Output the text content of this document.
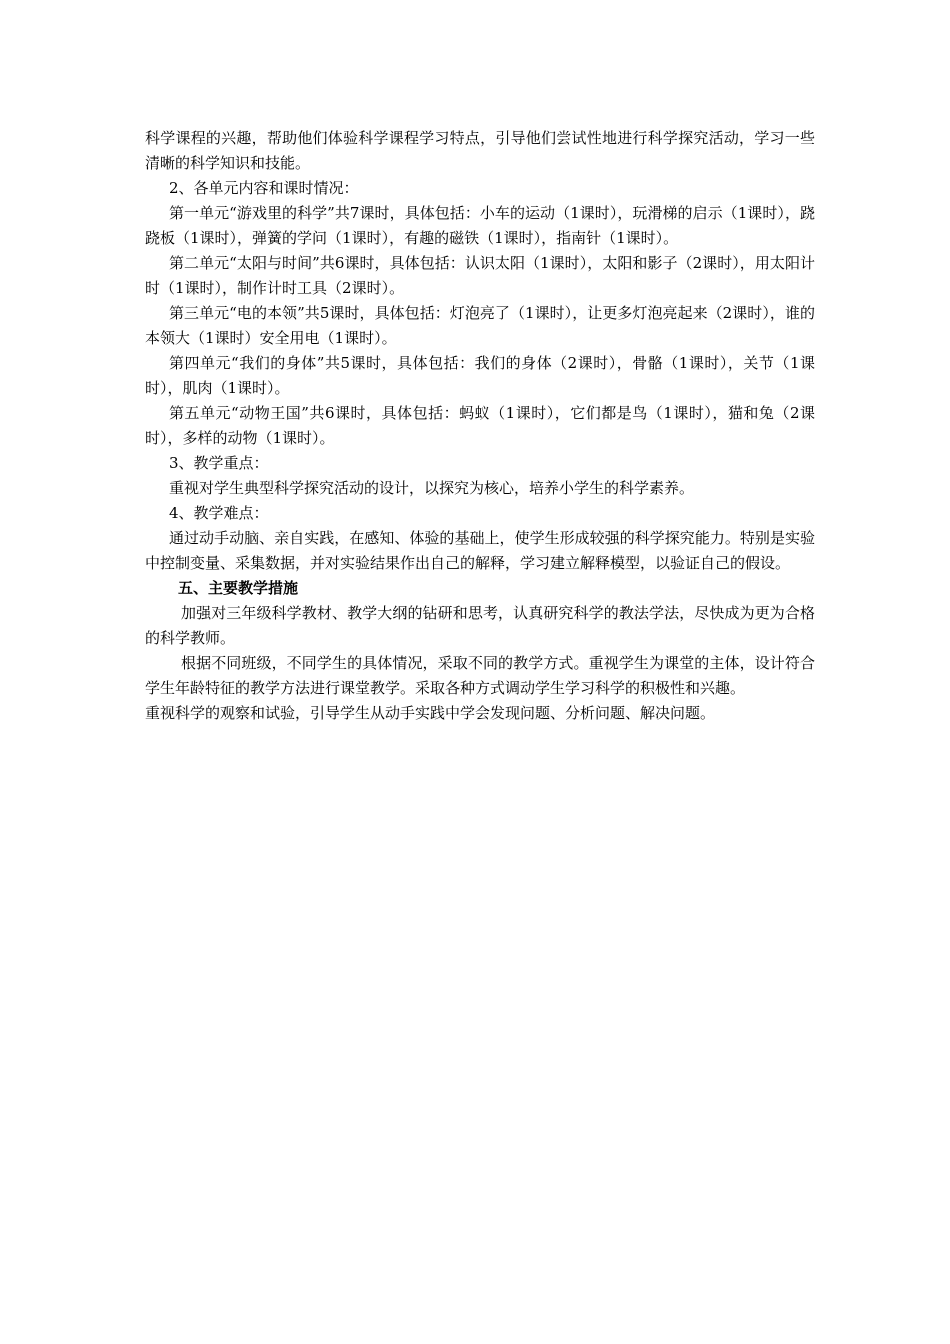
科学课程的兴趣，帮助他们体验科学课程学习特点，引导他们尝试性地进行科学探究活动，学习一些清晰的科学知识和技能。

2、各单元内容和课时情况：

第一单元“游戏里的科学”共7课时，具体包括：小车的运动（1课时），玩滑梯的启示（1课时），跷跷板（1课时），弹簧的学问（1课时），有趣的磁铁（1课时），指南针（1课时）。

第二单元“太阳与时间”共6课时，具体包括：认识太阳（1课时），太阳和影子（2课时），用太阳计时（1课时），制作计时工具（2课时）。

第三单元“电的本领”共5课时，具体包括：灯泡亮了（1课时），让更多灯泡亮起来（2课时），谁的本领大（1课时）安全用电（1课时）。

第四单元“我们的身体”共5课时，具体包括：我们的身体（2课时），骨骼（1课时），关节（1课时），肌肉（1课时）。

第五单元“动物王国”共6课时，具体包括：蚂蚁（1课时），它们都是鸟（1课时），猫和兔（2课时），多样的动物（1课时）。

3、教学重点：

重视对学生典型科学探究活动的设计，以探究为核心，培养小学生的科学素养。

4、教学难点：

通过动手动脑、亲自实践，在感知、体验的基础上，使学生形成较强的科学探究能力。特别是实验中控制变量、采集数据，并对实验结果作出自己的解释，学习建立解释模型，以验证自己的假设。

五、主要教学措施

加强对三年级科学教材、教学大纲的钻研和思考，认真研究科学的教法学法，尽快成为更为合格的科学教师。

根据不同班级，不同学生的具体情况，采取不同的教学方式。重视学生为课堂的主体，设计符合学生年龄特征的教学方法进行课堂教学。采取各种方式调动学生学习科学的积极性和兴趣。

重视科学的观察和试验，引导学生从动手实践中学会发现问题、分析问题、解决问题。
